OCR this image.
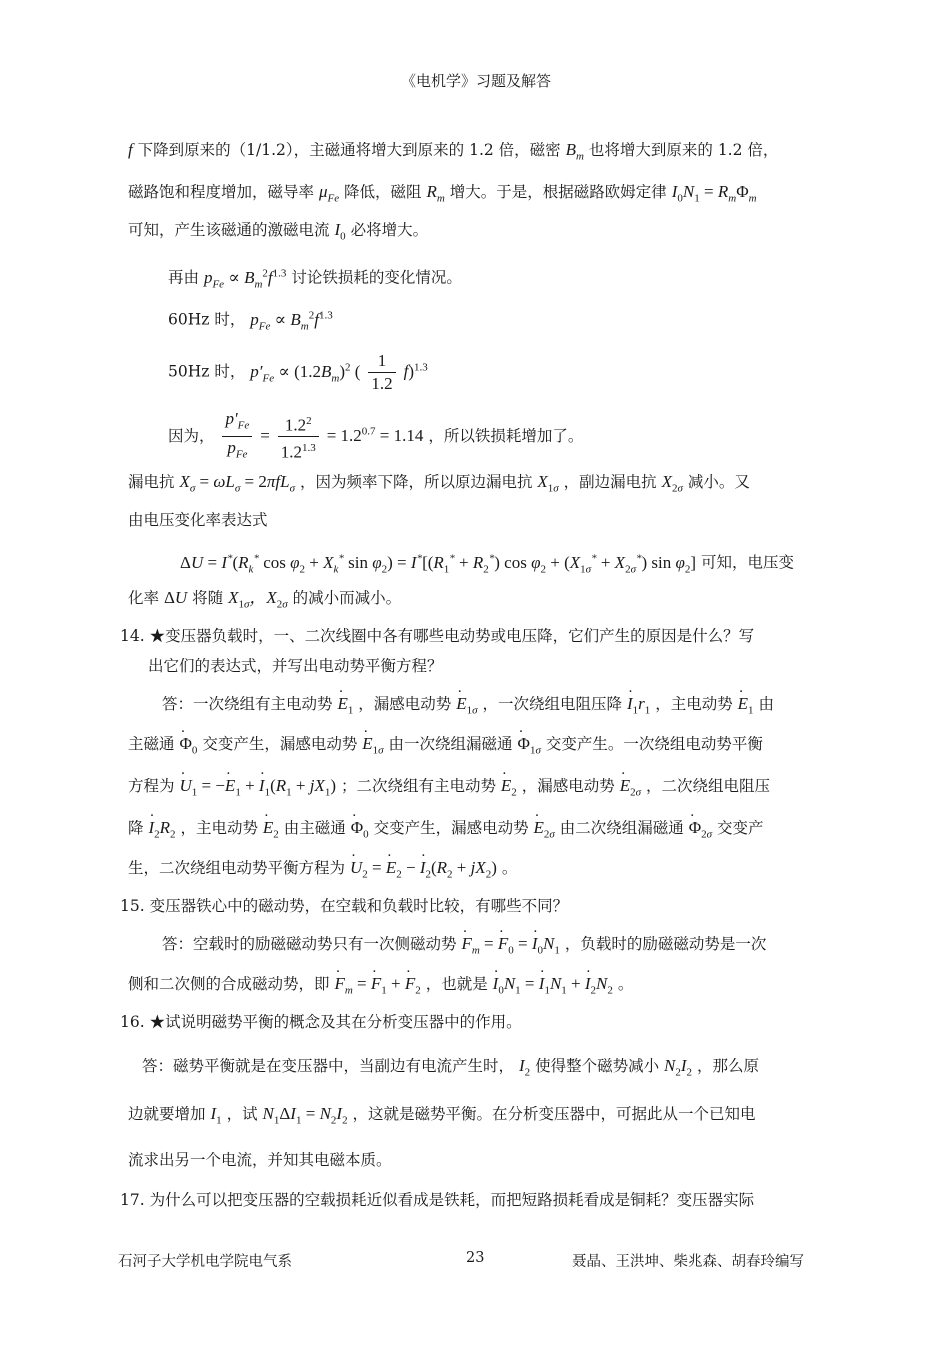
《电机学》习题及解答
f 下降到原来的（1/1.2），主磁通将增大到原来的 1.2 倍，磁密 $B_m$ 也将增大到原来的 1.2 倍，
磁路饱和程度增加，磁导率 $\mu_{Fe}$ 降低，磁阻 $R_m$ 增大。于是，根据磁路欧姆定律 $I_0N_1 = R_m\Phi_m$
可知，产生该磁通的激磁电流 $I_0$ 必将增大。
再由 $p_{Fe} \propto B_m^2f^{1.3}$ 讨论铁损耗的变化情况。
60Hz 时， $p_{Fe} \propto B_m^2f^{1.3}$
50Hz 时， $p'_{Fe} \propto (1.2B_m)^2$ ( $\frac{1}{1.2} f)^{1.3}$
因为， $\frac{p'_{Fe}}{p_{Fe}} = \frac{1.2^2}{1.2^{1.3}} = 1.2^{0.7} = 1.14$ ，所以铁损耗增加了。
漏电抗 $X_\sigma = \omega L_\sigma = 2\pi fL_\sigma$ ，因为频率下降，所以原边漏电抗 $X_{1\sigma}$ ，副边漏电抗 $X_{2\sigma}$ 减小。又
由电压变化率表达式
$\Delta U = I^*(R_k^*$ $\cos \varphi_2 + X_k^*$ $\sin \varphi_2) = I^*[(R_1^* + R_2^*)$ $\cos \varphi_2 + (X_{1\sigma}^* + X_{2\sigma}^*)$ $\sin \varphi_2$] 可知，电压变
化率 ΔU 将随 $X_{1\sigma}$，$X_{2\sigma}$ 的减小而减小。
14. ★变压器负载时，一、二次线圈中各有哪些电动势或电压降，它们产生的原因是什么？写
出它们的表达式，并写出电动势平衡方程？
答：一次绕组有主电动势 · $E_1$ ，漏感电动势 · $E_{1\sigma}$ ，一次绕组电阻压降 · $I_1r_1$ ，主电动势 · $E_1$ 由
主磁通 · $\Phi_0$ 交变产生，漏感电动势 · $E_{1\sigma}$ 由一次绕组漏磁通 · $\Phi_{1\sigma}$ 交变产生。一次绕组电动势平衡
方程为 · $U_1$ = −· $E_1$ + · $I_1(R_1 + jX_1)$ ；二次绕组有主电动势 · $E_2$ ，漏感电动势 · $E_{2\sigma}$ ，二次绕组电阻压
降 · $I_2R_2$ ，主电动势 · $E_2$ 由主磁通 · $\Phi_0$ 交变产生，漏感电动势 · $E_{2\sigma}$ 由二次绕组漏磁通 · $\Phi_{2\sigma}$ 交变产
生，二次绕组电动势平衡方程为 · $U_2$ = · $E_2$ − · $I_2(R_2 + jX_2)$ 。
15. 变压器铁心中的磁动势，在空载和负载时比较，有哪些不同？
答：空载时的励磁磁动势只有一次侧磁动势 · $F_m$ = · $F_0$ = · $I_0N_1$ ，负载时的励磁磁动势是一次
侧和二次侧的合成磁动势，即 · $F_m$ = · $F_1$ + · $F_2$ ，也就是 · $I_0N_1$ = · $I_1N_1$ + · $I_2N_2$ 。
16. ★试说明磁势平衡的概念及其在分析变压器中的作用。
答：磁势平衡就是在变压器中，当副边有电流产生时， $I_2$ 使得整个磁势减小 $N_2I_2$ ，那么原
边就要增加 $I_1$ ，试 $N_1\Delta I_1 = N_2I_2$ ，这就是磁势平衡。在分析变压器中，可据此从一个已知电
流求出另一个电流，并知其电磁本质。
17. 为什么可以把变压器的空载损耗近似看成是铁耗，而把短路损耗看成是铜耗？变压器实际
石河子大学机电学院电气系	23	聂晶、王洪坤、柴兆森、胡春玲编写
